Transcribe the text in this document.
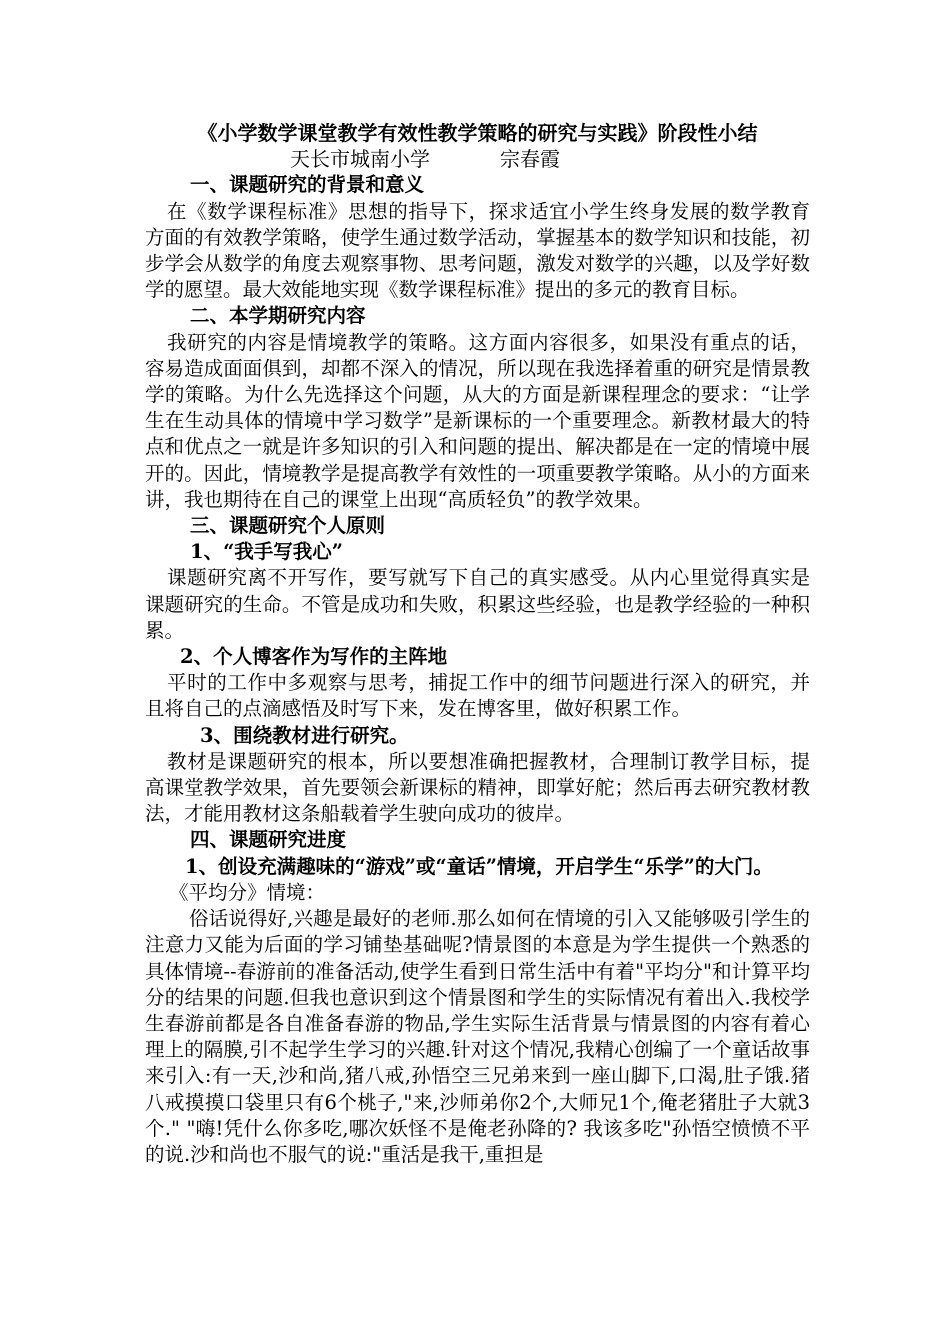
《小学数学课堂教学有效性教学策略的研究与实践》阶段性小结

天长市城南小学	宗春霞

一、课题研究的背景和意义

在《数学课程标准》思想的指导下，探求适宜小学生终身发展的数学教育方面的有效教学策略，使学生通过数学活动，掌握基本的数学知识和技能，初步学会从数学的角度去观察事物、思考问题，激发对数学的兴趣，以及学好数学的愿望。最大效能地实现《数学课程标准》提出的多元的教育目标。

二、本学期研究内容

我研究的内容是情境教学的策略。这方面内容很多，如果没有重点的话，容易造成面面俱到，却都不深入的情况，所以现在我选择着重的研究是情景教学的策略。为什么先选择这个问题，从大的方面是新课程理念的要求：“让学生在生动具体的情境中学习数学”是新课标的一个重要理念。新教材最大的特点和优点之一就是许多知识的引入和问题的提出、解决都是在一定的情境中展开的。因此，情境教学是提高教学有效性的一项重要教学策略。从小的方面来讲，我也期待在自己的课堂上出现“高质轻负”的教学效果。

三、课题研究个人原则

1、“我手写我心”

课题研究离不开写作，要写就写下自己的真实感受。从内心里觉得真实是课题研究的生命。不管是成功和失败，积累这些经验，也是教学经验的一种积累。

2、个人博客作为写作的主阵地

平时的工作中多观察与思考，捕捉工作中的细节问题进行深入的研究，并且将自己的点滴感悟及时写下来，发在博客里，做好积累工作。

3、围绕教材进行研究。

教材是课题研究的根本，所以要想准确把握教材，合理制订教学目标，提高课堂教学效果，首先要领会新课标的精神，即掌好舵；然后再去研究教材教法，才能用教材这条船载着学生驶向成功的彼岸。

四、课题研究进度

1、创设充满趣味的“游戏”或“童话”情境，开启学生“乐学”的大门。

《平均分》情境：

俗话说得好,兴趣是最好的老师.那么如何在情境的引入又能够吸引学生的注意力又能为后面的学习铺垫基础呢?情景图的本意是为学生提供一个熟悉的具体情境--春游前的准备活动,使学生看到日常生活中有着"平均分"和计算平均分的结果的问题.但我也意识到这个情景图和学生的实际情况有着出入.我校学生春游前都是各自准备春游的物品,学生实际生活背景与情景图的内容有着心理上的隔膜,引不起学生学习的兴趣.针对这个情况,我精心创编了一个童话故事来引入:有一天,沙和尚,猪八戒,孙悟空三兄弟来到一座山脚下,口渴,肚子饿.猪八戒摸摸口袋里只有6个桃子,"来,沙师弟你2个,大师兄1个,俺老猪肚子大就3个." "嗨!凭什么你多吃,哪次妖怪不是俺老孙降的? 我该多吃"孙悟空愤愤不平的说.沙和尚也不服气的说:"重活是我干,重担是
